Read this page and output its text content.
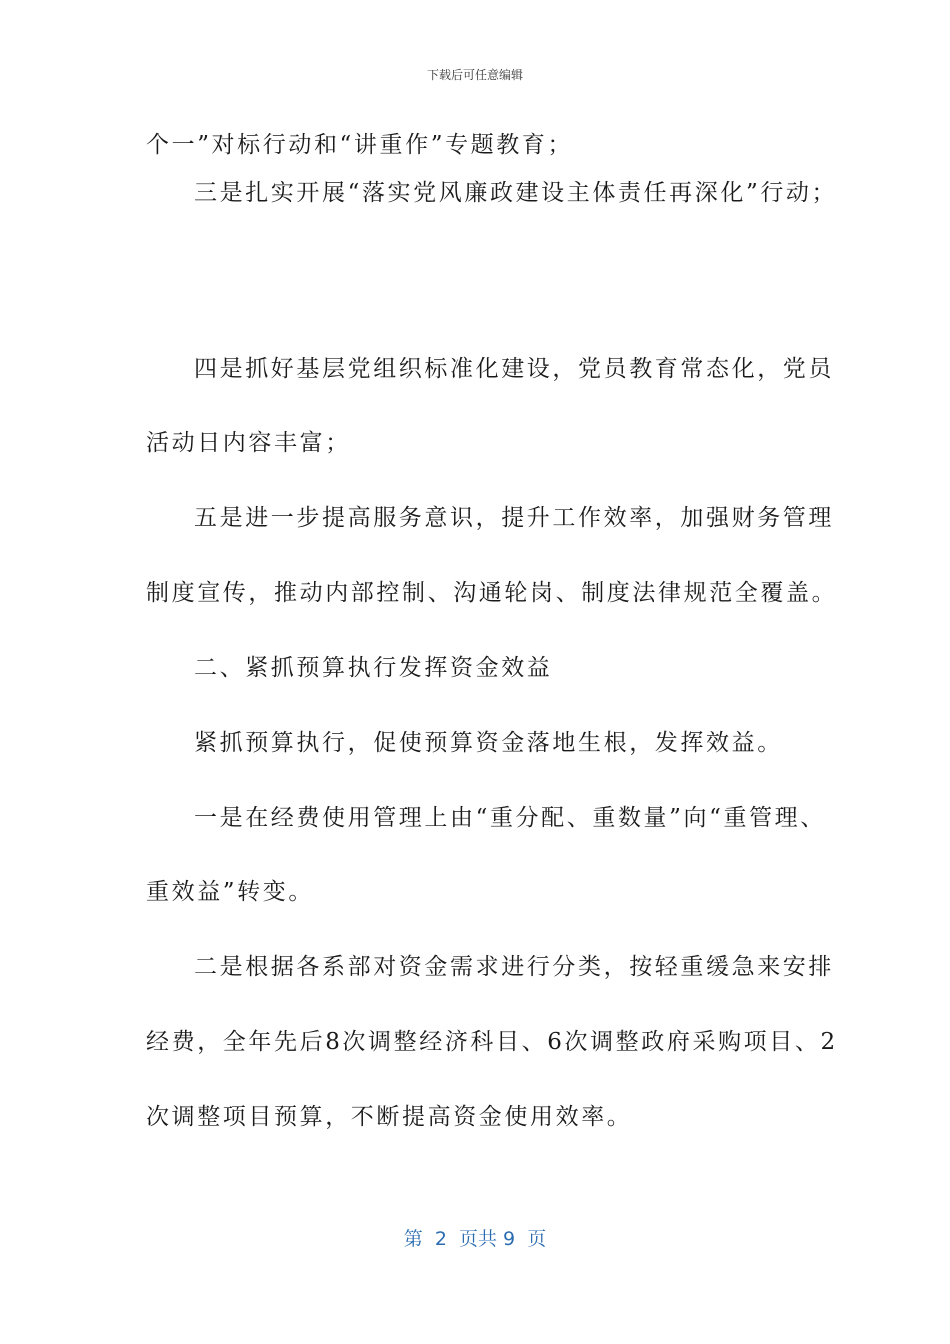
下载后可任意编辑
个一”对标行动和“讲重作”专题教育；
三是扎实开展“落实党风廉政建设主体责任再深化”行动；
四是抓好基层党组织标准化建设，党员教育常态化，党员
活动日内容丰富；
五是进一步提高服务意识，提升工作效率，加强财务管理
制度宣传，推动内部控制、沟通轮岗、制度法律规范全覆盖。
二、紧抓预算执行发挥资金效益
紧抓预算执行，促使预算资金落地生根，发挥效益。
一是在经费使用管理上由“重分配、重数量”向“重管理、
重效益”转变。
二是根据各系部对资金需求进行分类，按轻重缓急来安排
经费，全年先后8次调整经济科目、6次调整政府采购项目、2
次调整项目预算，不断提高资金使用效率。
第  2  页共 9  页
